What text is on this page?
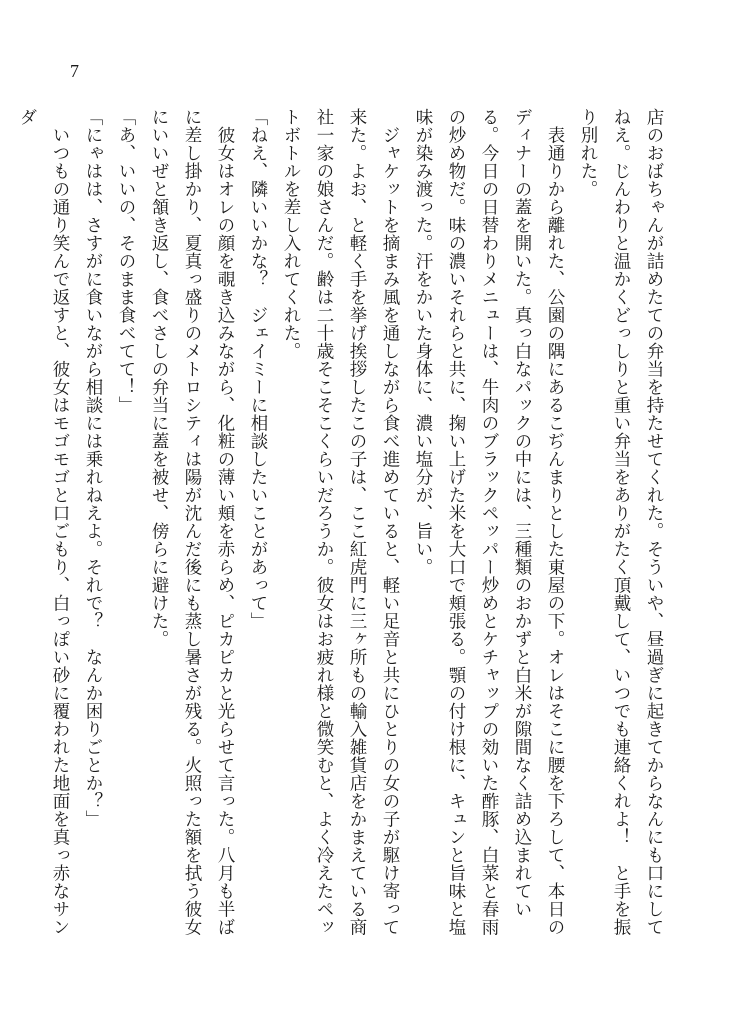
7

店のおばちゃんが詰めたての弁当を持たせてくれた。そういや、昼過ぎに起きてからなんにも口にしてねえ。じんわりと温かくどっしりと重い弁当をありがたく頂戴して、いつでも連絡くれよ！　と手を振り別れた。

表通りから離れた、公園の隅にあるこぢんまりとした東屋の下。オレはそこに腰を下ろして、本日のディナーの蓋を開いた。真っ白なパックの中には、三種類のおかずと白米が隙間なく詰め込まれている。今日の日替わりメニューは、牛肉のブラックペッパー炒めとケチャップの効いた酢豚、白菜と春雨の炒め物だ。味の濃いそれらと共に、掬い上げた米を大口で頬張る。顎の付け根に、キュンと旨味と塩味が染み渡った。汗をかいた身体に、濃い塩分が、旨い。

ジャケットを摘まみ風を通しながら食べ進めていると、軽い足音と共にひとりの女の子が駆け寄って来た。よお、と軽く手を挙げ挨拶したこの子は、ここ紅虎門に三ヶ所もの輸入雑貨店をかまえている商社一家の娘さんだ。齢は二十歳そこそこくらいだろうか。彼女はお疲れ様と微笑むと、よく冷えたペットボトルを差し入れてくれた。

「ねえ、隣いいかな？　ジェイミーに相談したいことがあって」

彼女はオレの顔を覗き込みながら、化粧の薄い頬を赤らめ、ピカピカと光らせて言った。八月も半ばに差し掛かり、夏真っ盛りのメトロシティは陽が沈んだ後にも蒸し暑さが残る。火照った額を拭う彼女にいいぜと頷き返し、食べさしの弁当に蓋を被せ、傍らに避けた。

「あ、いいの、そのまま食べてて！」

「にゃはは、さすがに食いながら相談には乗れねえよ。それで？　なんか困りごとか？」

いつもの通り笑んで返すと、彼女はモゴモゴと口ごもり、白っぽい砂に覆われた地面を真っ赤なサンダ
